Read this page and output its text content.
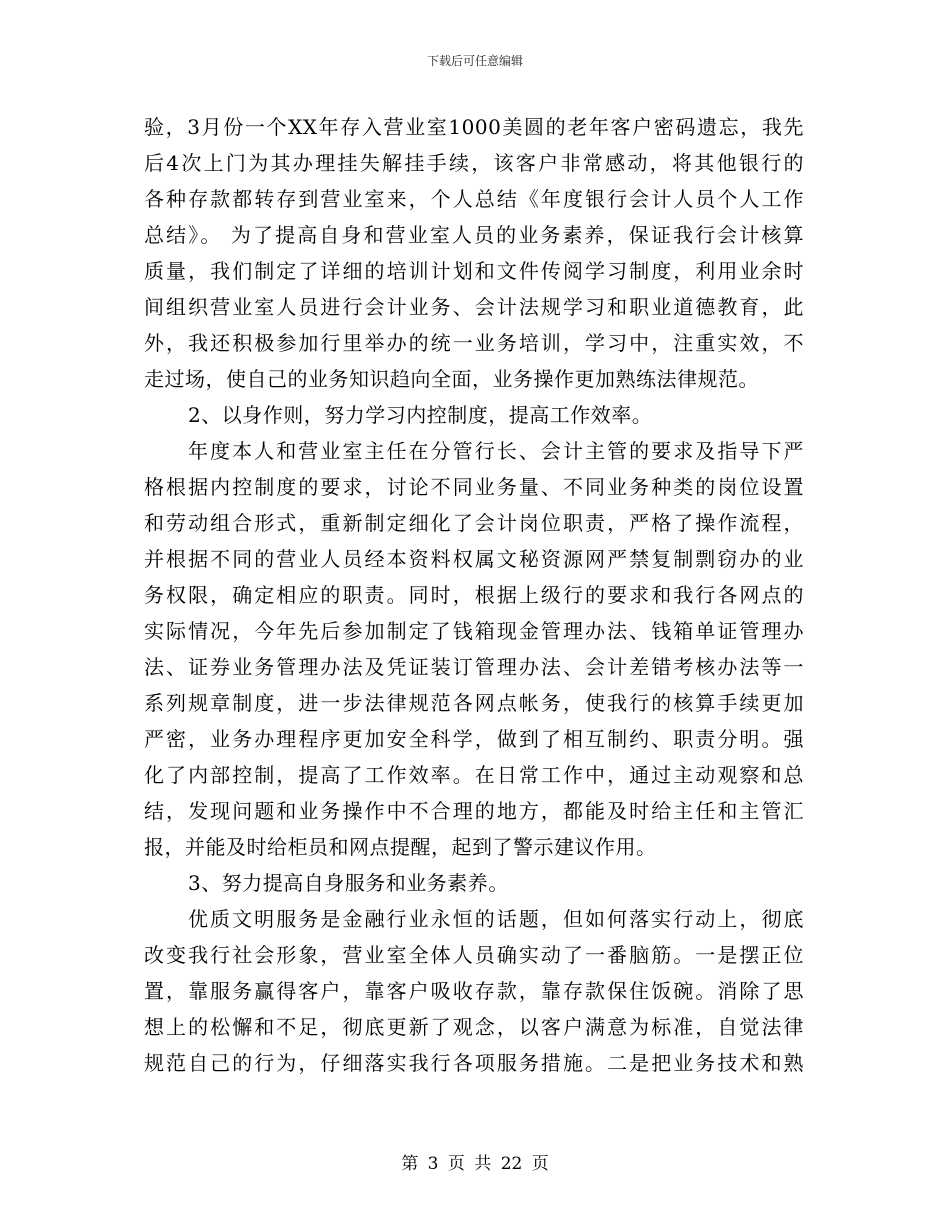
下载后可任意编辑
验，3月份一个XX年存入营业室1000美圆的老年客户密码遗忘，我先
后4次上门为其办理挂失解挂手续，该客户非常感动，将其他银行的
各种存款都转存到营业室来，个人总结《年度银行会计人员个人工作
总结》。 为了提高自身和营业室人员的业务素养，保证我行会计核算
质量，我们制定了详细的培训计划和文件传阅学习制度，利用业余时
间组织营业室人员进行会计业务、会计法规学习和职业道德教育，此
外，我还积极参加行里举办的统一业务培训，学习中，注重实效，不
走过场，使自己的业务知识趋向全面，业务操作更加熟练法律规范。
2、以身作则，努力学习内控制度，提高工作效率。
年度本人和营业室主任在分管行长、会计主管的要求及指导下严
格根据内控制度的要求，讨论不同业务量、不同业务种类的岗位设置
和劳动组合形式，重新制定细化了会计岗位职责，严格了操作流程，
并根据不同的营业人员经本资料权属文秘资源网严禁复制剽窃办的业
务权限，确定相应的职责。同时，根据上级行的要求和我行各网点的
实际情况，今年先后参加制定了钱箱现金管理办法、钱箱单证管理办
法、证券业务管理办法及凭证装订管理办法、会计差错考核办法等一
系列规章制度，进一步法律规范各网点帐务，使我行的核算手续更加
严密，业务办理程序更加安全科学，做到了相互制约、职责分明。强
化了内部控制，提高了工作效率。在日常工作中，通过主动观察和总
结，发现问题和业务操作中不合理的地方，都能及时给主任和主管汇
报，并能及时给柜员和网点提醒，起到了警示建议作用。
3、努力提高自身服务和业务素养。
优质文明服务是金融行业永恒的话题，但如何落实行动上，彻底
改变我行社会形象，营业室全体人员确实动了一番脑筋。一是摆正位
置，靠服务赢得客户，靠客户吸收存款，靠存款保住饭碗。消除了思
想上的松懈和不足，彻底更新了观念，以客户满意为标准，自觉法律
规范自己的行为，仔细落实我行各项服务措施。二是把业务技术和熟
第 3 页 共 22 页
